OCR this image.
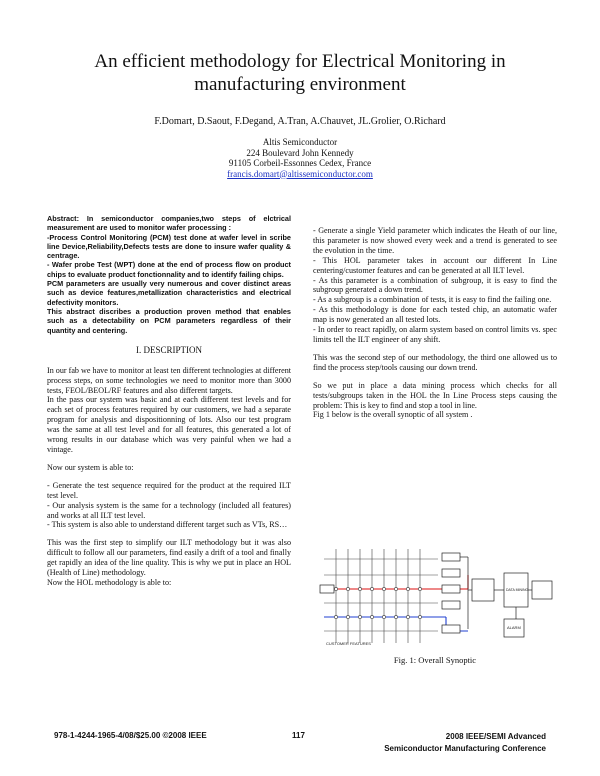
An efficient methodology for Electrical Monitoring in
manufacturing environment
F.Domart, D.Saout, F.Degand, A.Tran, A.Chauvet, JL.Grolier, O.Richard
Altis Semiconductor
224 Boulevard John Kennedy
91105 Corbeil-Essonnes Cedex, France
francis.domart@altissemiconductor.com
Abstract: In semiconductor companies,two steps of elctrical measurement are used to monitor wafer processing :
-Process Control Monitoring (PCM) test done at wafer level in scribe line Device,Reliability,Defects tests are done to insure wafer quality & centrage.
- Wafer probe Test (WPT) done at the end of process flow on product chips to evaluate product fonctionnality and to identify failing chips.
PCM parameters are usually very numerous and cover distinct areas such as device features,metallization characteristics and electrical defectivity monitors.
This abstract discribes a production proven method that enables such as a detectability on PCM parameters regardless of their quantity and centering.
I. DESCRIPTION

In our fab we have to monitor at least ten different technologies at different process steps, on some technologies we need to monitor more than 3000 tests, FEOL/BEOL/RF features and also different targets.

In the pass our system was basic and at each different test levels and for each set of process features required by our customers, we had a separate program for analysis and dispositionning of lots. Also our test program was the same at all test level and for all features, this generated a lot of wrong results in our database which was very painful when we had a vintage.

Now our system is able to:

- Generate the test sequence required for the product at the required ILT test level.

- Our analysis system is the same for a technology (included all features) and works at all ILT test level.

- This system is also able to understand different target such as VTs, RS…

This was the first step to simplify our ILT methodology but it was also difficult to follow all our parameters, find easily a drift of a tool and finally get rapidly an idea of the line quality. This is why we put in place an HOL (Health of Line) methodology.

Now the HOL methodology is able to:

- Generate a single Yield parameter which indicates the Heath of our line, this parameter is now showed every week and a trend is generated to see the evolution in the time.

- This HOL parameter takes in account our different In Line centering/customer features and can be generated at all ILT level.

- As this parameter is a combination of subgroup, it is easy to find the subgroup generated a down trend.

- As a subgroup is a combination of tests, it is easy to find the failing one.

- As this methodology is done for each tested chip, an automatic wafer map is now generated an all tested lots.

- In order to react rapidly, on alarm system based on control limits vs. spec limits tell the ILT engineer of any shift.

This was the second step of our methodology, the third one allowed us to find the process step/tools causing our down trend.

So we put in place a data mining process which checks for all tests/subgroups taken in the HOL the In Line Process steps causing the problem: This is key to find and stop a tool in line.

Fig 1 below is the overall synoptic of all system .

CUSTOMER FEATURES
DATA MINING
ALARM
Fig. 1: Overall Synoptic
978-1-4244-1965-4/08/$25.00 ©2008 IEEE	117	2008 IEEE/SEMI Advanced
Semiconductor Manufacturing Conference
